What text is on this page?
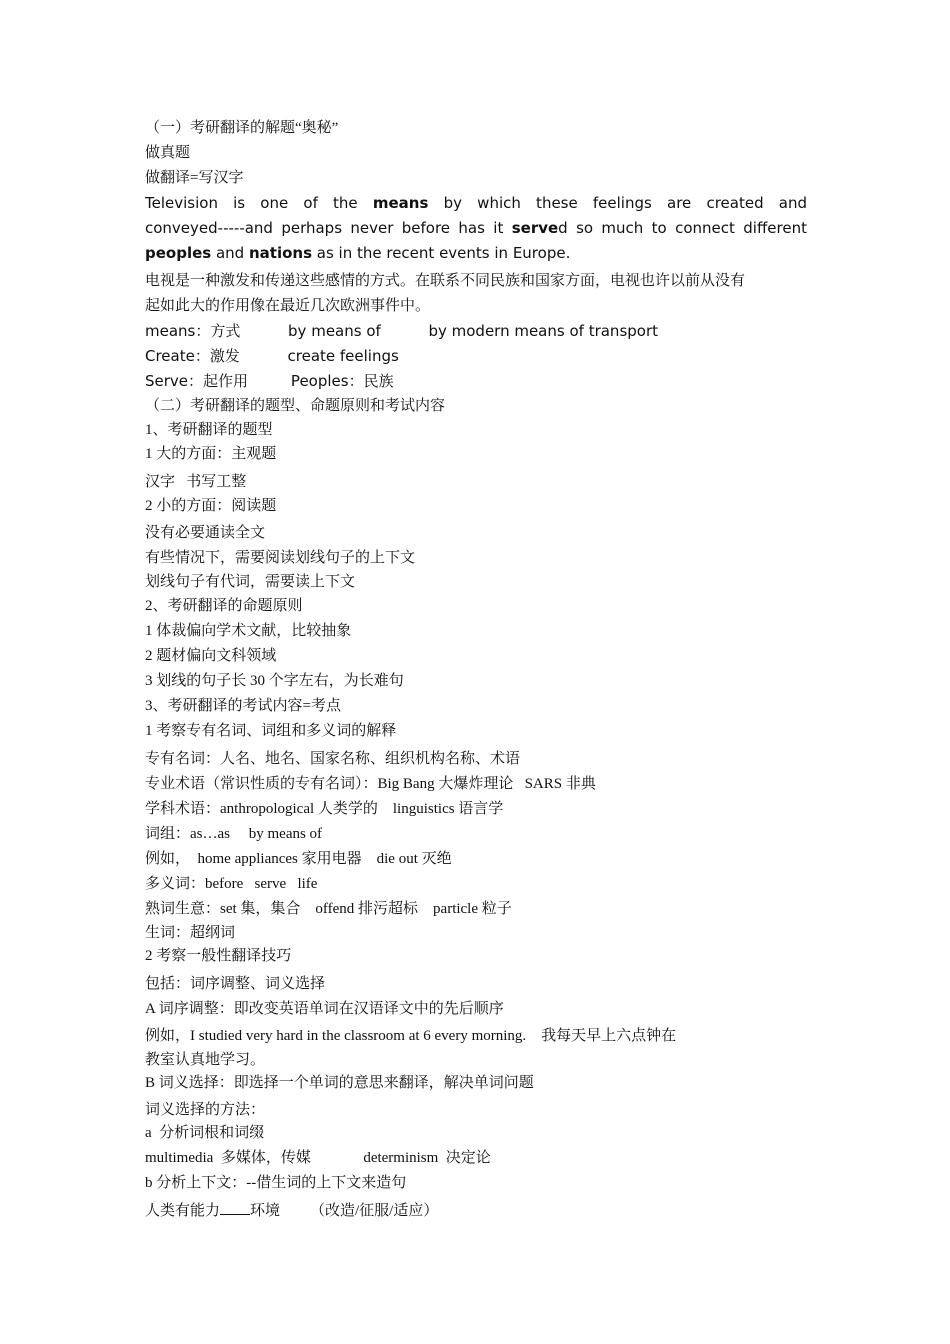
（一）考研翻译的解题“奥秘”
做真题
做翻译=写汉字
Television is one of the means by which these feelings are created and
conveyed-----and perhaps never before has it served so much to connect different
peoples and nations as in the recent events in Europe.
电视是一种激发和传递这些感情的方式。在联系不同民族和国家方面，电视也许以前从没有
起如此大的作用像在最近几次欧洲事件中。
means：方式          by means of          by modern means of transport
Create：激发          create feelings
Serve：起作用         Peoples：民族
（二）考研翻译的题型、命题原则和考试内容
1、考研翻译的题型
1 大的方面：主观题
汉字   书写工整
2 小的方面：阅读题
没有必要通读全文
有些情况下，需要阅读划线句子的上下文
划线句子有代词，需要读上下文
2、考研翻译的命题原则
1 体裁偏向学术文献，比较抽象
2 题材偏向文科领域
3 划线的句子长 30 个字左右，为长难句
3、考研翻译的考试内容=考点
1 考察专有名词、词组和多义词的解释
专有名词：人名、地名、国家名称、组织机构名称、术语
专业术语（常识性质的专有名词）：Big Bang 大爆炸理论   SARS 非典
学科术语：anthropological 人类学的    linguistics 语言学
词组：as…as     by means of
例如，  home appliances 家用电器    die out 灭绝
多义词：before   serve   life
熟词生意：set 集，集合    offend 排污超标    particle 粒子
生词：超纲词
2 考察一般性翻译技巧
包括：词序调整、词义选择
A 词序调整：即改变英语单词在汉语译文中的先后顺序
例如，I studied very hard in the classroom at 6 every morning.    我每天早上六点钟在
教室认真地学习。
B 词义选择：即选择一个单词的意思来翻译，解决单词问题
词义选择的方法：
a  分析词根和词缀
multimedia  多媒体，传媒              determinism  决定论
b 分析上下文：--借生词的上下文来造句
人类有能力 环境        （改造/征服/适应）
